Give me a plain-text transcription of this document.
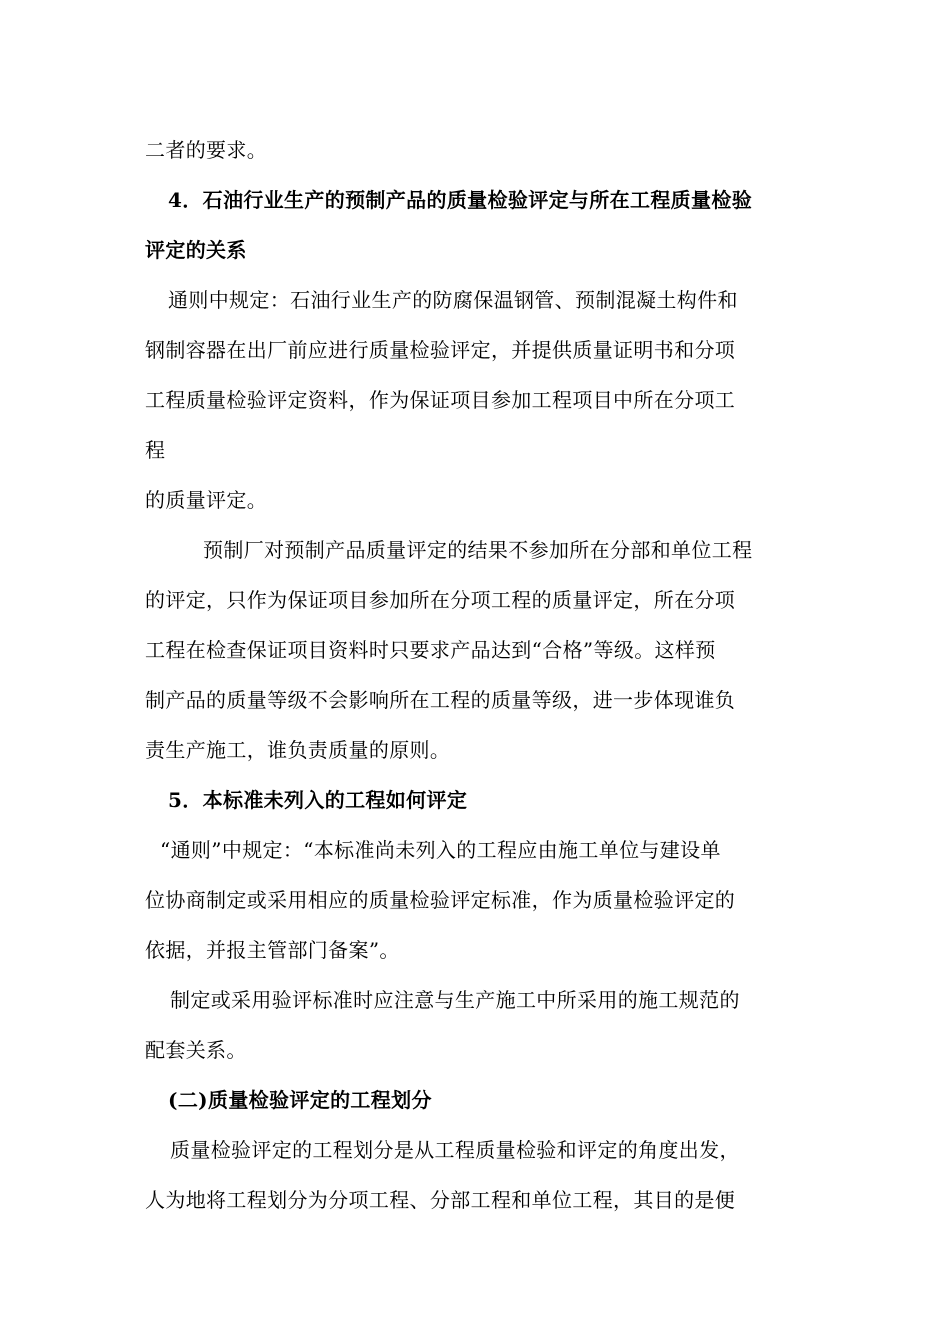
二者的要求。
4．石油行业生产的预制产品的质量检验评定与所在工程质量检验
评定的关系
通则中规定：石油行业生产的防腐保温钢管、预制混凝土构件和
钢制容器在出厂前应进行质量检验评定，并提供质量证明书和分项
工程质量检验评定资料，作为保证项目参加工程项目中所在分项工
程
的质量评定。
预制厂对预制产品质量评定的结果不参加所在分部和单位工程
的评定，只作为保证项目参加所在分项工程的质量评定，所在分项
工程在检查保证项目资料时只要求产品达到“合格”等级。这样预
制产品的质量等级不会影响所在工程的质量等级，进一步体现谁负
责生产施工，谁负责质量的原则。
5．本标准未列入的工程如何评定
“通则”中规定：“本标准尚未列入的工程应由施工单位与建设单
位协商制定或采用相应的质量检验评定标准，作为质量检验评定的
依据，并报主管部门备案”。
制定或采用验评标准时应注意与生产施工中所采用的施工规范的
配套关系。
(二)质量检验评定的工程划分
质量检验评定的工程划分是从工程质量检验和评定的角度出发，
人为地将工程划分为分项工程、分部工程和单位工程，其目的是便
